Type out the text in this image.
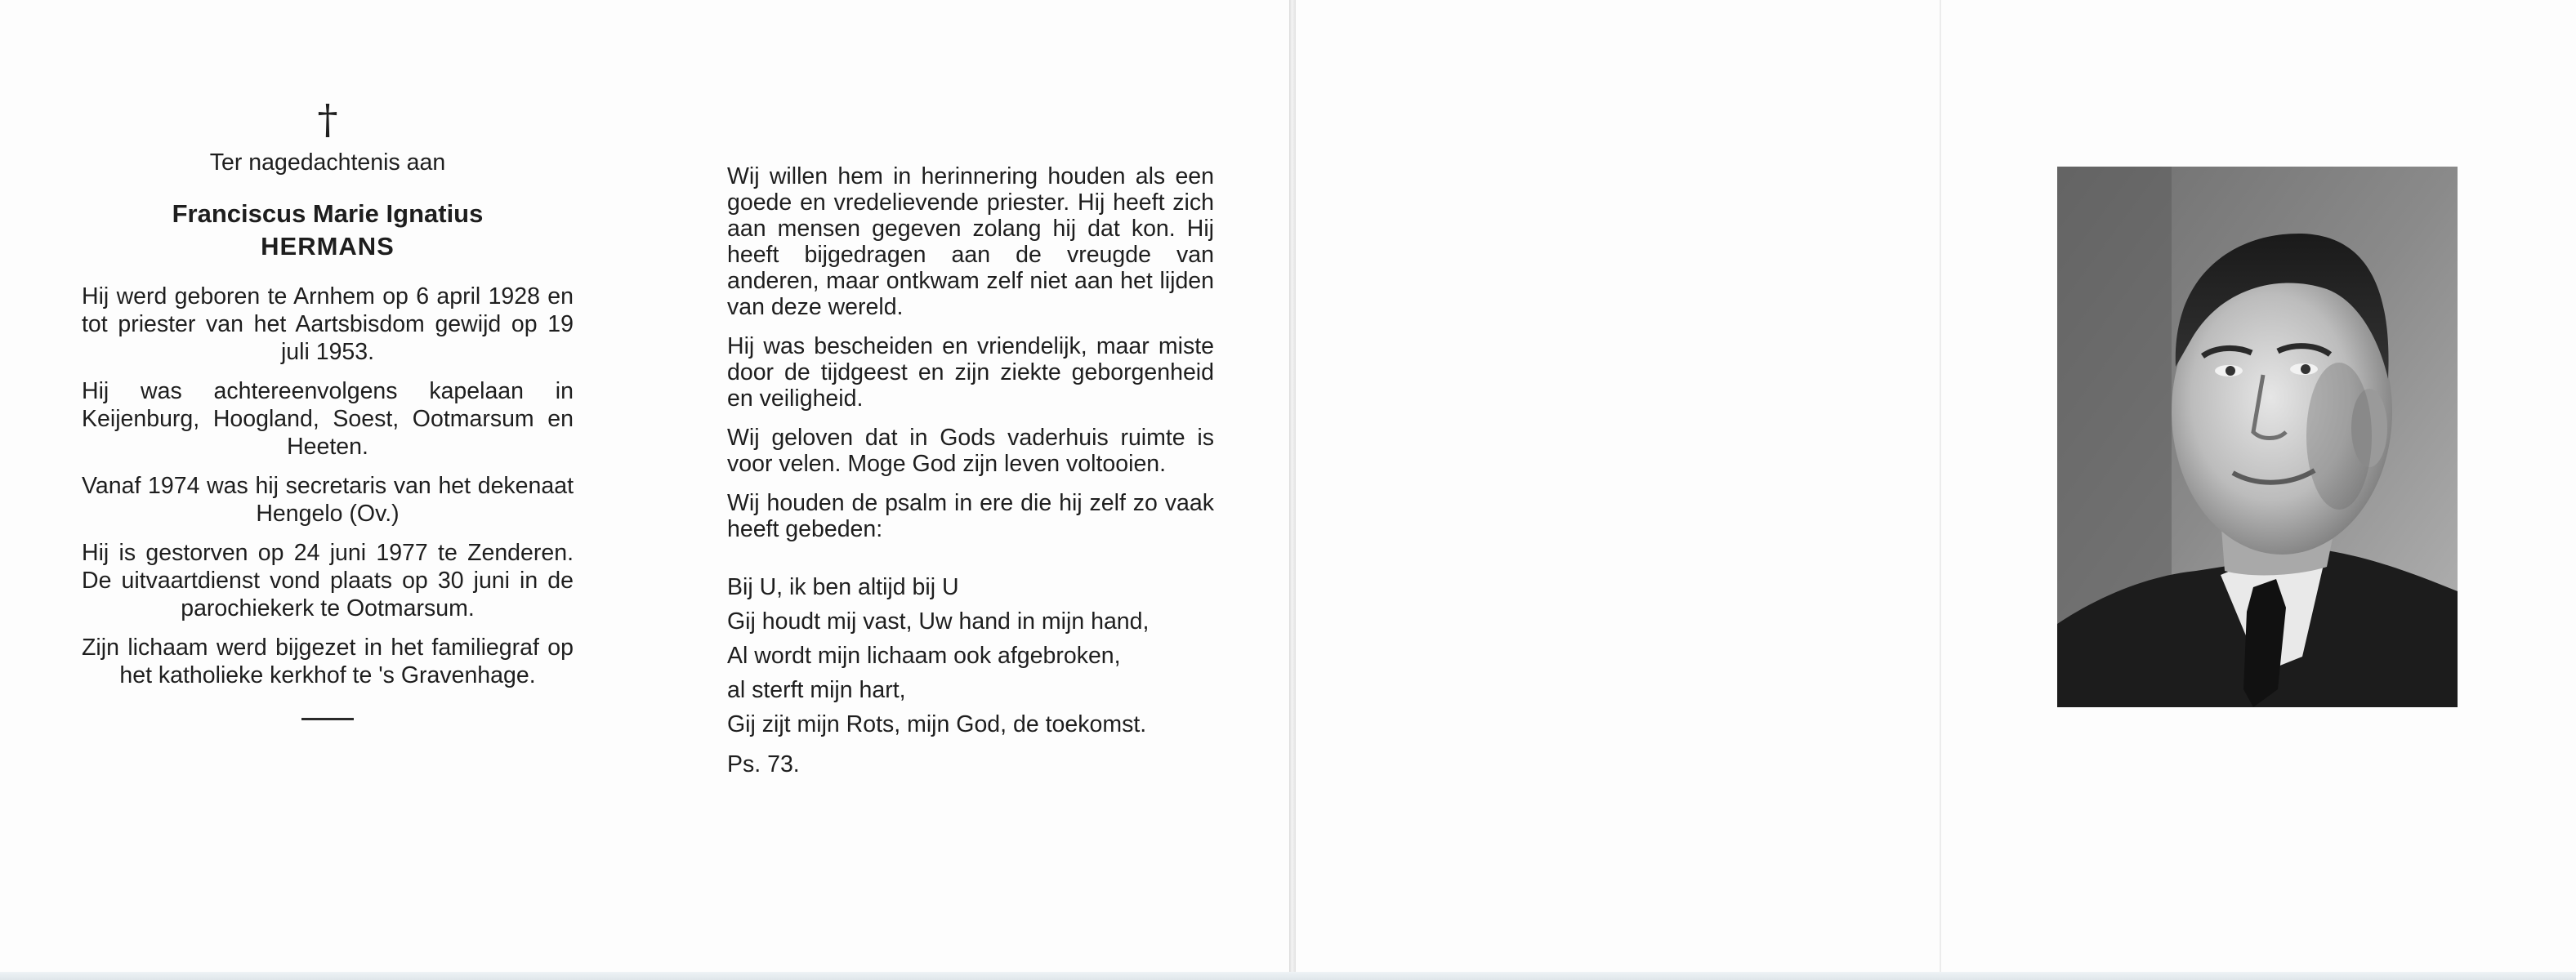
†
Ter nagedachtenis aan
Franciscus Marie Ignatius
HERMANS
Hij werd geboren te Arnhem op 6 april 1928 en tot priester van het Aartsbisdom gewijd op 19 juli 1953.
Hij was achtereenvolgens kapelaan in Keijenburg, Hoogland, Soest, Ootmarsum en Heeten.
Vanaf 1974 was hij secretaris van het dekenaat Hengelo (Ov.)
Hij is gestorven op 24 juni 1977 te Zenderen. De uitvaartdienst vond plaats op 30 juni in de parochiekerk te Ootmarsum.
Zijn lichaam werd bijgezet in het familiegraf op het katholieke kerkhof te 's Gravenhage.

Wij willen hem in herinnering houden als een goede en vredelievende priester. Hij heeft zich aan mensen gegeven zolang hij dat kon. Hij heeft bijgedragen aan de vreugde van anderen, maar ontkwam zelf niet aan het lijden van deze wereld.

Hij was bescheiden en vriendelijk, maar miste door de tijdgeest en zijn ziekte geborgenheid en veiligheid.

Wij geloven dat in Gods vaderhuis ruimte is voor velen. Moge God zijn leven voltooien.

Wij houden de psalm in ere die hij zelf zo vaak heeft gebeden:

Bij U, ik ben altijd bij U
Gij houdt mij vast, Uw hand in mijn hand,
Al wordt mijn lichaam ook afgebroken,
al sterft mijn hart,
Gij zijt mijn Rots, mijn God, de toekomst.
Ps. 73.
